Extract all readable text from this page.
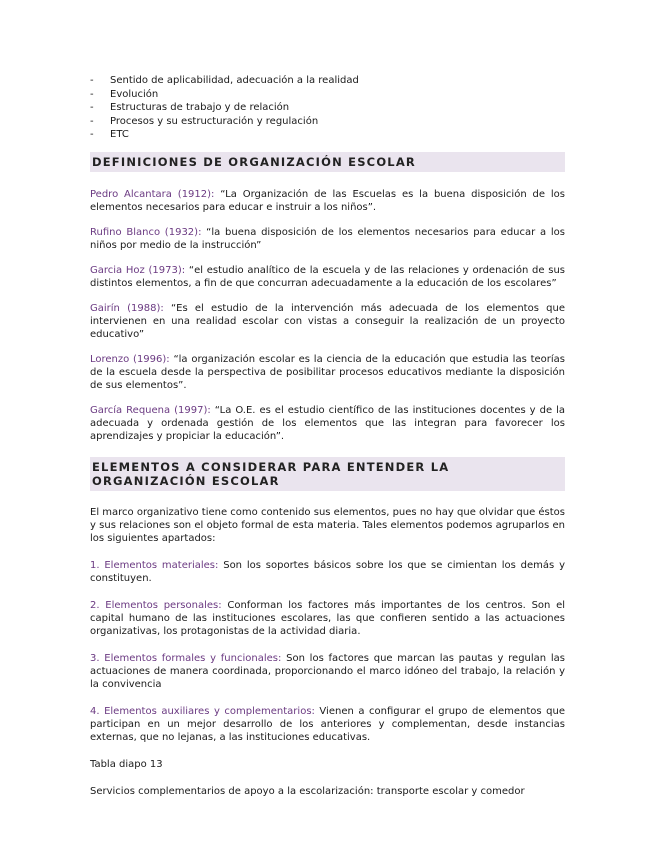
- Sentido de aplicabilidad, adecuación a la realidad
- Evolución
- Estructuras de trabajo y de relación
- Procesos y su estructuración y regulación
- ETC
DEFINICIONES DE ORGANIZACIÓN ESCOLAR

Pedro Alcantara (1912): “La Organización de las Escuelas es la buena disposición de los elementos necesarios para educar e instruir a los niños”.

Rufino Blanco (1932): “la buena disposición de los elementos necesarios para educar a los niños por medio de la instrucción”

Garcia Hoz (1973): “el estudio analítico de la escuela y de las relaciones y ordenación de sus distintos elementos, a fin de que concurran adecuadamente a la educación de los escolares”

Gairín (1988): “Es el estudio de la intervención más adecuada de los elementos que intervienen en una realidad escolar con vistas a conseguir la realización de un proyecto educativo”

Lorenzo (1996): “la organización escolar es la ciencia de la educación que estudia las teorías de la escuela desde la perspectiva de posibilitar procesos educativos mediante la disposición de sus elementos”.

García Requena (1997): “La O.E. es el estudio científico de las instituciones docentes y de la adecuada y ordenada gestión de los elementos que las integran para favorecer los aprendizajes y propiciar la educación”.

ELEMENTOS A CONSIDERAR PARA ENTENDER LA ORGANIZACIÓN ESCOLAR

El marco organizativo tiene como contenido sus elementos, pues no hay que olvidar que éstos y sus relaciones son el objeto formal de esta materia. Tales elementos podemos agruparlos en los siguientes apartados:

1. Elementos materiales: Son los soportes básicos sobre los que se cimientan los demás y constituyen.

2. Elementos personales: Conforman los factores más importantes de los centros. Son el capital humano de las instituciones escolares, las que confieren sentido a las actuaciones organizativas, los protagonistas de la actividad diaria.

3. Elementos formales y funcionales: Son los factores que marcan las pautas y regulan las actuaciones de manera coordinada, proporcionando el marco idóneo del trabajo, la relación y la convivencia

4. Elementos auxiliares y complementarios: Vienen a configurar el grupo de elementos que participan en un mejor desarrollo de los anteriores y complementan, desde instancias externas, que no lejanas, a las instituciones educativas.

Tabla diapo 13

Servicios complementarios de apoyo a la escolarización: transporte escolar y comedor
